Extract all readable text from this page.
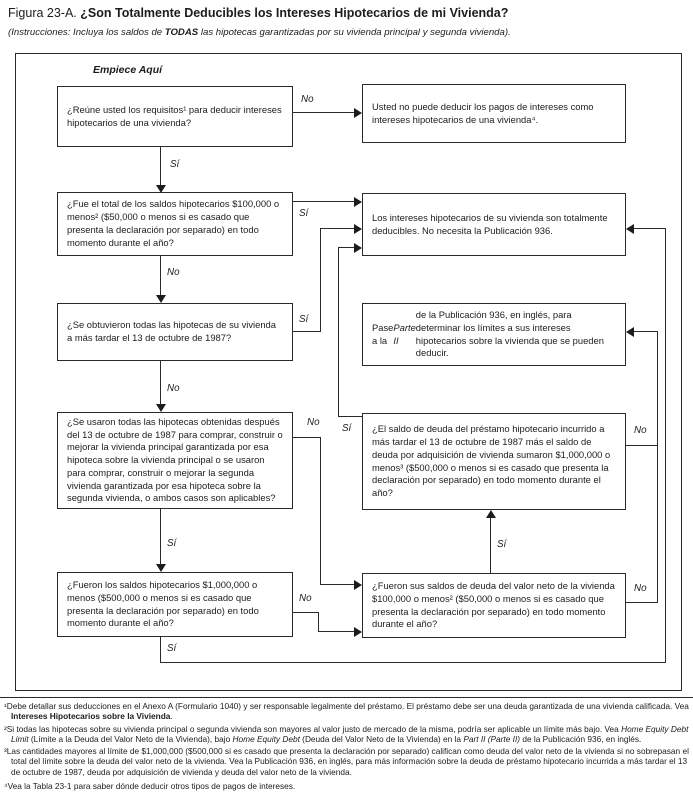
Figura 23-A. ¿Son Totalmente Deducibles los Intereses Hipotecarios de mi Vivienda?
(Instrucciones: Incluya los saldos de TODAS las hipotecas garantizadas por su vivienda principal y segunda vivienda).
Empiece Aquí
¿Reúne usted los requisitos¹ para deducir intereses hipotecarios de una vivienda?
Usted no puede deducir los pagos de intereses como intereses hipotecarios de una vivienda⁴.
¿Fue el total de los saldos hipotecarios $100,000 o menos² ($50,000 o menos si es casado que presenta la declaración por separado) en todo momento durante el año?
Los intereses hipotecarios de su vivienda son totalmente deducibles. No necesita la Publicación 936.
¿Se obtuvieron todas las hipotecas de su vivienda a más tardar el 13 de octubre de 1987?
Pase a la
Parte II
de la Publicación 936, en inglés, para determinar los límites a sus intereses hipotecarios sobre la vivienda que se pueden deducir.
¿Se usaron todas las hipotecas obtenidas después del 13 de octubre de 1987 para comprar, construir o mejorar la vivienda principal garantizada por esa hipoteca sobre la vivienda principal o se usaron para comprar, construir o mejorar la segunda vivienda garantizada por esa hipoteca sobre la segunda vivienda, o ambos casos son aplicables?
¿El saldo de deuda del préstamo hipotecario incurrido a más tardar el 13 de octubre de 1987 más el saldo de deuda por adquisición de vivienda sumaron $1,000,000 o menos³ ($500,000 o menos si es casado que presenta la declaración por separado) en todo momento durante el año?
¿Fueron los saldos hipotecarios $1,000,000 o menos ($500,000 o menos si es casado que presenta la declaración por separado) en todo momento durante el año?
¿Fueron sus saldos de deuda del valor neto de la vivienda $100,000 o menos² ($50,000 o menos si es casado que presenta la declaración por separado) en todo momento durante el año?
Sí
No
No
Sí
Sí
No
No
Sí
Sí
No
Sí
Sí
No
No
¹Debe detallar sus deducciones en el Anexo A (Formulario 1040) y ser responsable legalmente del préstamo. El préstamo debe ser una deuda garantizada de una vivienda calificada. Vea Intereses Hipotecarios sobre la Vivienda.
²Si todas las hipotecas sobre su vivienda principal o segunda vivienda son mayores al valor justo de mercado de la misma, podría ser aplicable un límite más bajo. Vea Home Equity Debt Limit (Límite a la Deuda del Valor Neto de la Vivienda), bajo Home Equity Debt (Deuda del Valor Neto de la Vivienda) en la Part II (Parte II) de la Publicación 936, en inglés.
³Las cantidades mayores al límite de $1,000,000 ($500,000 si es casado que presenta la declaración por separado) califican como deuda del valor neto de la vivienda si no sobrepasan el total del límite sobre la deuda del valor neto de la vivienda. Vea la Publicación 936, en inglés, para más información sobre la deuda de préstamo hipotecario incurrida a más tardar el 13 de octubre de 1987, deuda por adquisición de vivienda y deuda del valor neto de la vivienda.
⁴Vea la Tabla 23-1 para saber dónde deducir otros tipos de pagos de intereses.
